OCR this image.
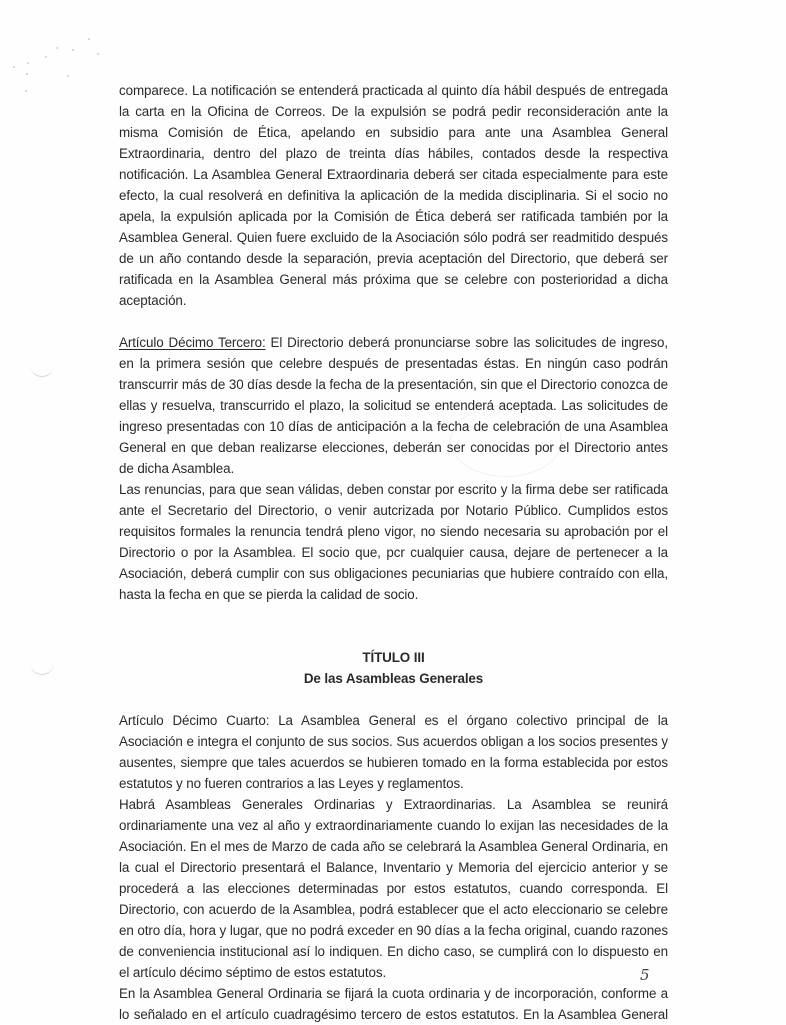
comparece. La notificación se entenderá practicada al quinto día hábil después de entregada la carta en la Oficina de Correos. De la expulsión se podrá pedir reconsideración ante la misma Comisión de Ética, apelando en subsidio para ante una Asamblea General Extraordinaria, dentro del plazo de treinta días hábiles, contados desde la respectiva notificación. La Asamblea General Extraordinaria deberá ser citada especialmente para este efecto, la cual resolverá en definitiva la aplicación de la medida disciplinaria. Si el socio no apela, la expulsión aplicada por la Comisión de Ética deberá ser ratificada también por la Asamblea General. Quien fuere excluido de la Asociación sólo podrá ser readmitido después de un año contando desde la separación, previa aceptación del Directorio, que deberá ser ratificada en la Asamblea General más próxima que se celebre con posterioridad a dicha aceptación.

Artículo Décimo Tercero: El Directorio deberá pronunciarse sobre las solicitudes de ingreso, en la primera sesión que celebre después de presentadas éstas. En ningún caso podrán transcurrir más de 30 días desde la fecha de la presentación, sin que el Directorio conozca de ellas y resuelva, transcurrido el plazo, la solicitud se entenderá aceptada. Las solicitudes de ingreso presentadas con 10 días de anticipación a la fecha de celebración de una Asamblea General en que deban realizarse elecciones, deberán ser conocidas por el Directorio antes de dicha Asamblea.

Las renuncias, para que sean válidas, deben constar por escrito y la firma debe ser ratificada ante el Secretario del Directorio, o venir autcrizada por Notario Público. Cumplidos estos requisitos formales la renuncia tendrá pleno vigor, no siendo necesaria su aprobación por el Directorio o por la Asamblea. El socio que, pcr cualquier causa, dejare de pertenecer a la Asociación, deberá cumplir con sus obligaciones pecuniarias que hubiere contraído con ella, hasta la fecha en que se pierda la calidad de socio.

TÍTULO III

De las Asambleas Generales

Artículo Décimo Cuarto: La Asamblea General es el órgano colectivo principal de la Asociación e integra el conjunto de sus socios. Sus acuerdos obligan a los socios presentes y ausentes, siempre que tales acuerdos se hubieren tomado en la forma establecida por estos estatutos y no fueren contrarios a las Leyes y reglamentos.

Habrá Asambleas Generales Ordinarias y Extraordinarias. La Asamblea se reunirá ordinariamente una vez al año y extraordinariamente cuando lo exijan las necesidades de la Asociación. En el mes de Marzo de cada año se celebrará la Asamblea General Ordinaria, en la cual el Directorio presentará el Balance, Inventario y Memoria del ejercicio anterior y se procederá a las elecciones determinadas por estos estatutos, cuando corresponda. El Directorio, con acuerdo de la Asamblea, podrá establecer que el acto eleccionario se celebre en otro día, hora y lugar, que no podrá exceder en 90 días a la fecha original, cuando razones de conveniencia institucional así lo indiquen. En dicho caso, se cumplirá con lo dispuesto en el artículo décimo séptimo de estos estatutos.

En la Asamblea General Ordinaria se fijará la cuota ordinaria y de incorporación, conforme a lo señalado en el artículo cuadragésimo tercero de estos estatutos. En la Asamblea General

5
